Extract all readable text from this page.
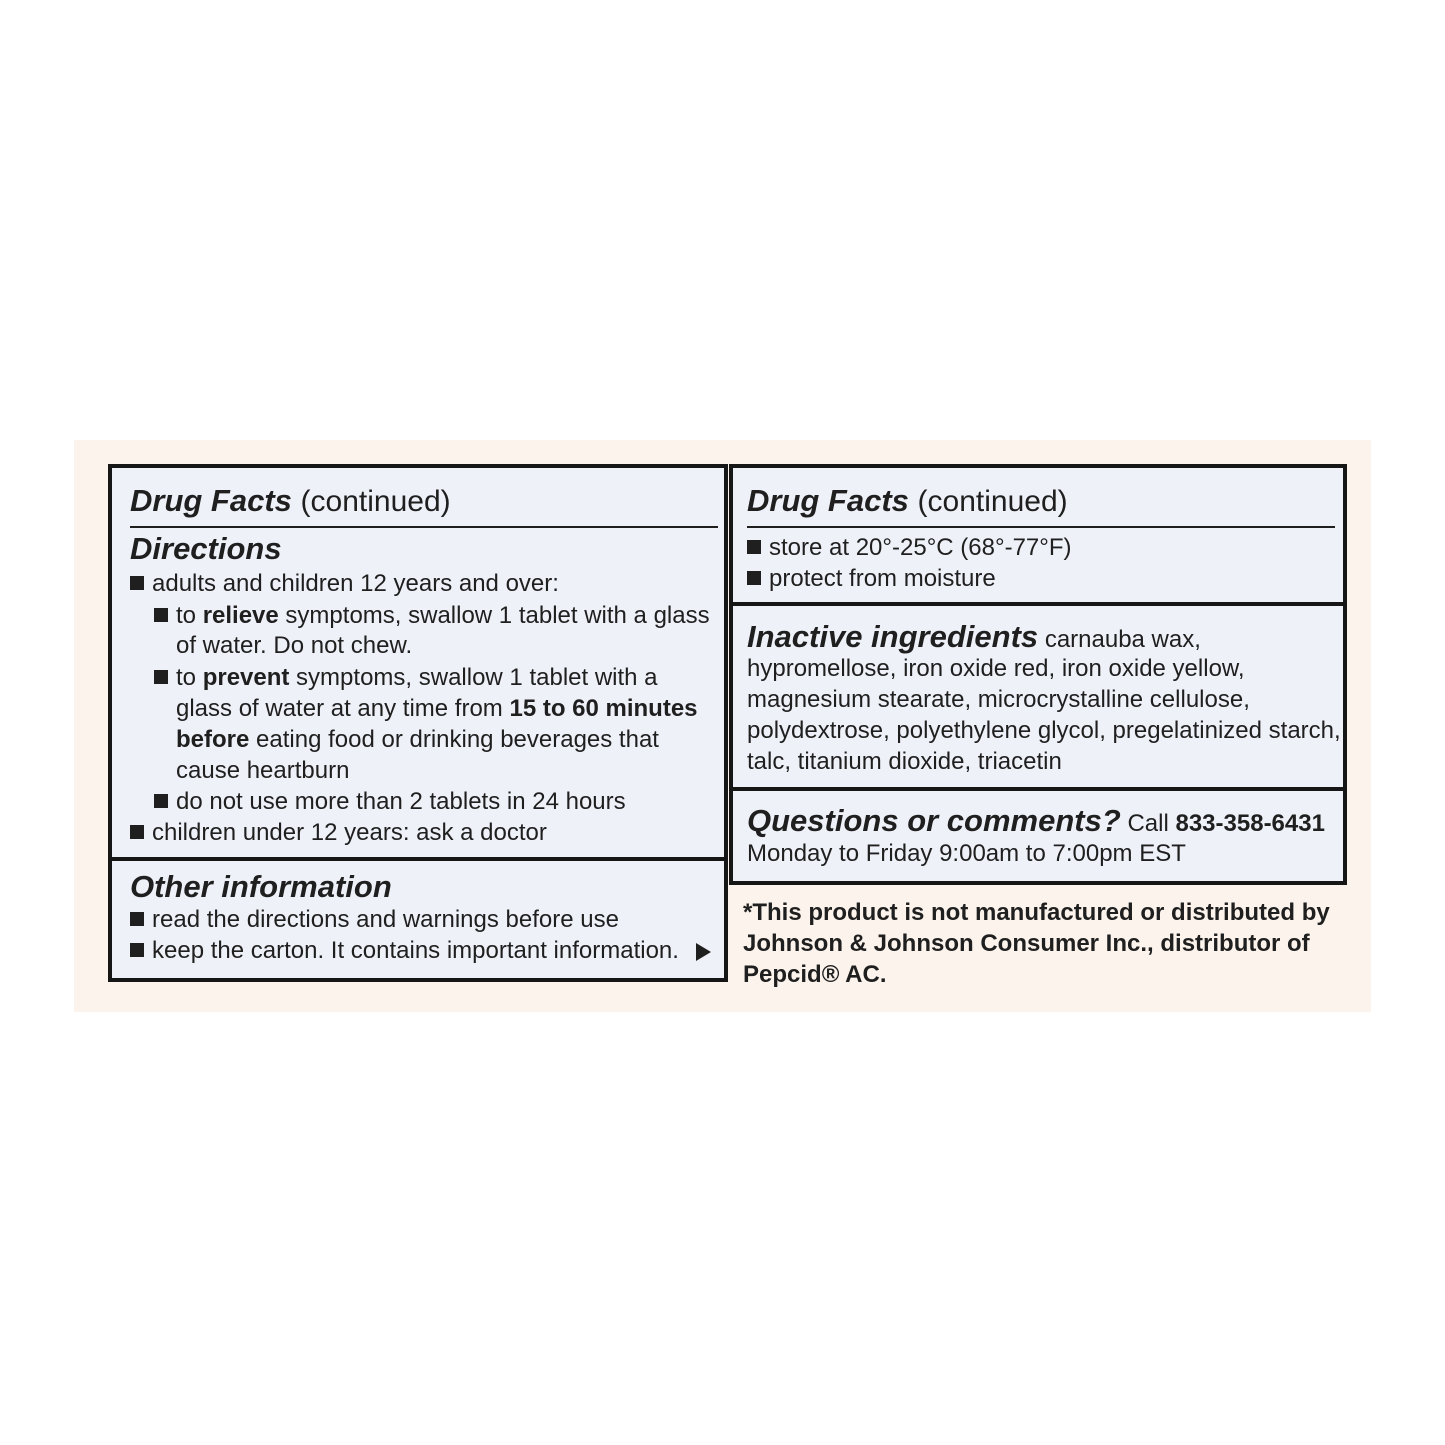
Drug Facts (continued)
Directions
adults and children 12 years and over:
to relieve symptoms, swallow 1 tablet with a glass
of water. Do not chew.
to prevent symptoms, swallow 1 tablet with a
glass of water at any time from 15 to 60 minutes
before eating food or drinking beverages that
cause heartburn
do not use more than 2 tablets in 24 hours
children under 12 years: ask a doctor
Other information
read the directions and warnings before use
keep the carton. It contains important information.
Drug Facts (continued)
store at 20°-25°C (68°-77°F)
protect from moisture
Inactive ingredients carnauba wax,
hypromellose, iron oxide red, iron oxide yellow,
magnesium stearate, microcrystalline cellulose,
polydextrose, polyethylene glycol, pregelatinized starch,
talc, titanium dioxide, triacetin
Questions or comments? Call 833-358-6431
Monday to Friday 9:00am to 7:00pm EST
*This product is not manufactured or distributed by
Johnson & Johnson Consumer Inc., distributor of
Pepcid® AC.
